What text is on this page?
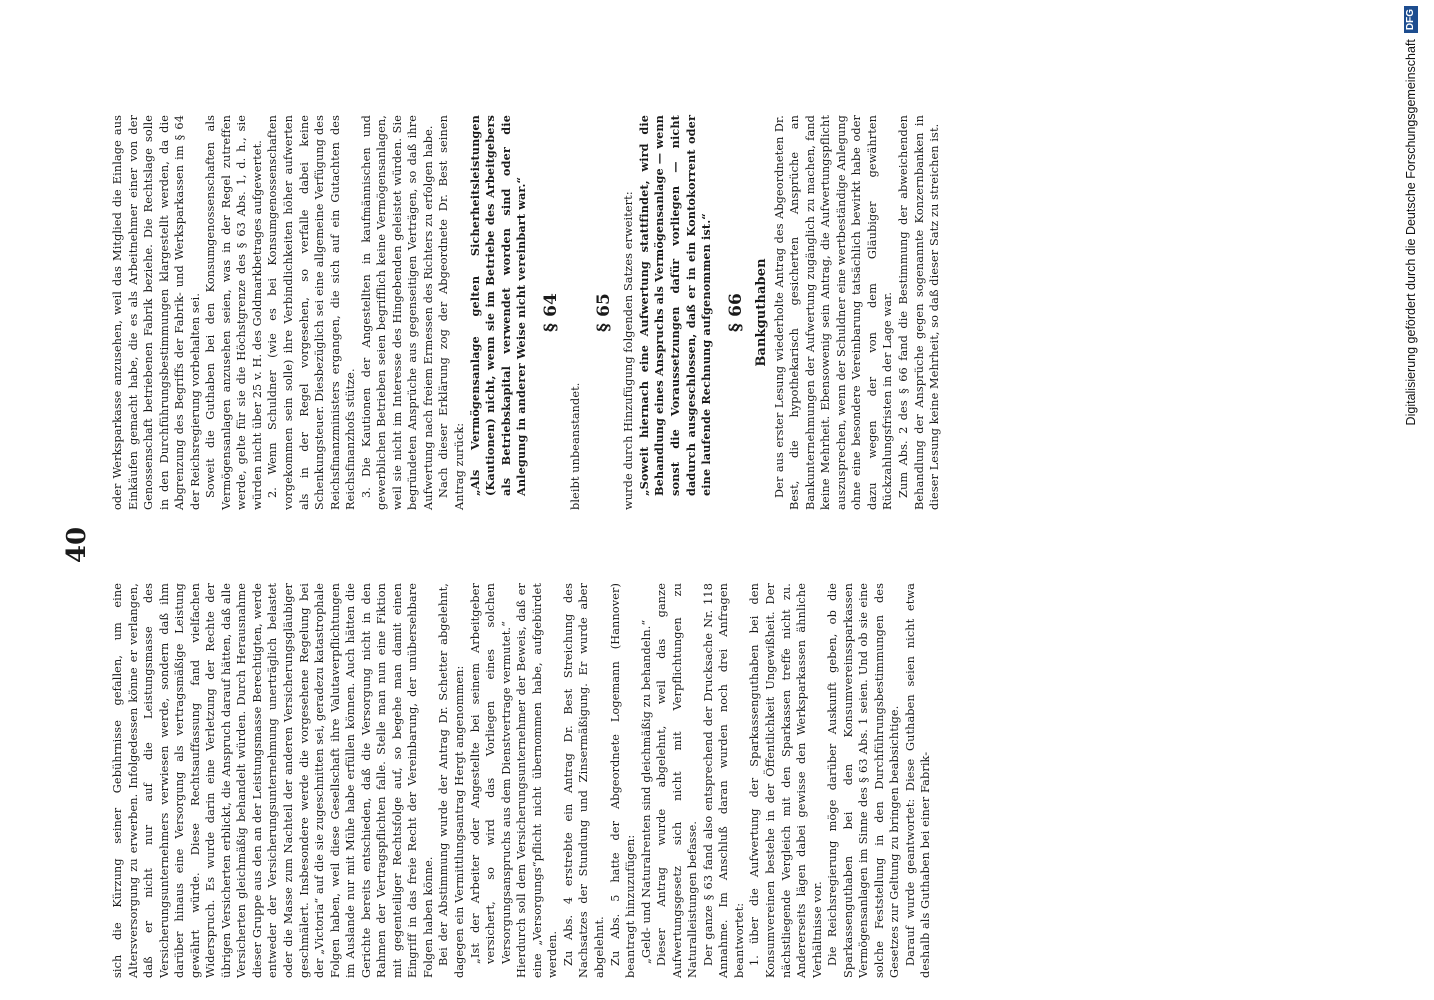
40

sich die Kürzung seiner Gebührnisse gefallen, um eine Altersversorgung zu erwerben. Infolgedessen könne er verlangen, daß er nicht nur auf die Leistungsmasse des Versicherungsunternehmers verwiesen werde, sondern daß ihm darüber hinaus eine Versorgung als vertragsmäßige Leistung gewährt würde. Diese Rechtsauffassung fand vielfachen Widerspruch. Es wurde darin eine Verletzung der Rechte der übrigen Versicherten erblickt, die Anspruch darauf hätten, daß alle Versicherten gleichmäßig behandelt würden. Durch Herausnahme dieser Gruppe aus den an der Leistungsmasse Berechtigten, werde entweder der Versicherungsunternehmung unerträglich belastet oder die Masse zum Nachteil der anderen Versicherungsgläubiger geschmälert. Insbesondere werde die vorgesehene Regelung bei der „Victoria“ auf die sie zugeschnitten sei, geradezu katastrophale Folgen haben, weil diese Gesellschaft ihre Valutaverpflichtungen im Auslande nur mit Mühe habe erfüllen können. Auch hätten die Gerichte bereits entschieden, daß die Versorgung nicht in den Rahmen der Vertragspflichten falle. Stelle man nun eine Fiktion mit gegenteiliger Rechtsfolge auf, so begehe man damit einen Eingriff in das freie Recht der Vereinbarung, der unübersehbare Folgen haben könne. Bei der Abstimmung wurde der Antrag Dr. Schetter abgelehnt, dagegen ein Vermittlungsantrag Hergt angenommen: „Ist der Arbeiter oder Angestellte bei seinem Arbeitgeber versichert, so wird das Vorliegen eines solchen Versorgungsanspruchs aus dem Dienstvertrage vermutet.“ Hierdurch soll dem Versicherungsunternehmer der Beweis, daß er eine „Versorgungs“pflicht nicht übernommen habe, aufgebürdet werden. Zu Abs. 4 erstrebte ein Antrag Dr. Best Streichung des Nachsatzes der Stundung und Zinsermäßigung. Er wurde aber abgelehnt. Zu Abs. 5 hatte der Abgeordnete Logemann (Hannover) beantragt hinzuzufügen: „Geld- und Naturalrenten sind gleichmäßig zu behandeln.“ Dieser Antrag wurde abgelehnt, weil das ganze Aufwertungsgesetz sich nicht mit Verpflichtungen zu Naturalleistungen befasse. Der ganze § 63 fand also entsprechend der Drucksache Nr. 118 Annahme. Im Anschluß daran wurden noch drei Anfragen beantwortet: 1. über die Aufwertung der Sparkassenguthaben bei den Konsumvereinen bestehe in der Öffentlichkeit Ungewißheit. Der nächstliegende Vergleich mit den Sparkassen treffe nicht zu. Andererseits lägen dabei gewisse den Werksparkassen ähnliche Verhältnisse vor. Die Reichsregierung möge darüber Auskunft geben, ob die Sparkassenguthaben bei den Konsumvereinssparkassen Vermögensanlagen im Sinne des § 63 Abs. 1 seien. Und ob sie eine solche Feststellung in den Durchführungsbestimmungen des Gesetzes zur Geltung zu bringen beabsichtige. Darauf wurde geantwortet: Diese Guthaben seien nicht etwa deshalb als Guthaben bei einer Fabrik-

oder Werksparkasse anzusehen, weil das Mitglied die Einlage aus Einkäufen gemacht habe, die es als Arbeitnehmer einer von der Genossenschaft betriebenen Fabrik beziehe. Die Rechtslage solle in den Durchführungsbestimmungen klargestellt werden, da die Abgrenzung des Begriffs der Fabrik- und Werksparkassen im § 64 der Reichsregierung vorbehalten sei. Soweit die Guthaben bei den Konsumgenossenschaften als Vermögensanlagen anzusehen seien, was in der Regel zutreffen werde, gelte für sie die Höchstgrenze des § 63 Abs. 1, d. h., sie würden nicht über 25 v. H. des Goldmarkbetrages aufgewertet. 2. Wenn Schuldner (wie es bei Konsumgenossenschaften vorgekommen sein solle) ihre Verbindlichkeiten höher aufwerten als in der Regel vorgesehen, so verfalle dabei keine Schenkungsteuer. Diesbezüglich sei eine allgemeine Verfügung des Reichsfinanzministers ergangen, die sich auf ein Gutachten des Reichsfinanzhofs stütze. 3. Die Kautionen der Angestellten in kaufmännischen und gewerblichen Betrieben seien begrifflich keine Vermögensanlagen, weil sie nicht im Interesse des Hingebenden geleistet würden. Sie begründeten Ansprüche aus gegenseitigen Verträgen, so daß ihre Aufwertung nach freiem Ermessen des Richters zu erfolgen habe. Nach dieser Erklärung zog der Abgeordnete Dr. Best seinen Antrag zurück: „Als Vermögensanlage gelten Sicherheitsleistungen (Kautionen) nicht, wenn sie im Betriebe des Arbeitgebers als Betriebskapital verwendet worden sind oder die Anlegung in anderer Weise nicht vereinbart war.“ § 64

bleibt unbeanstandet.

§ 65 wurde durch Hinzufügung folgenden Satzes erweitert: „Soweit hiernach eine Aufwertung stattfindet, wird die Behandlung eines Anspruchs als Vermögensanlage — wenn sonst die Voraussetzungen dafür vorliegen — nicht dadurch ausgeschlossen, daß er in ein Kontokorrent oder eine laufende Rechnung aufgenommen ist.“ § 66 Bankguthaben Der aus erster Lesung wiederholte Antrag des Abgeordneten Dr. Best, die hypothekarisch gesicherten Ansprüche an Bankunternehmungen der Aufwertung zugänglich zu machen, fand keine Mehrheit. Ebensowenig sein Antrag, die Aufwertungspflicht auszusprechen, wenn der Schuldner eine wertbeständige Anlegung ohne eine besondere Vereinbarung tatsächlich bewirkt habe oder dazu wegen der von dem Gläubiger gewährten Rückzahlungsfristen in der Lage war. Zum Abs. 2 des § 66 fand die Bestimmung der abweichenden Behandlung der Ansprüche gegen sogenannte Konzernbanken in dieser Lesung keine Mehrheit, so daß dieser Satz zu streichen ist.	Digitalisierung gefördert durch die Deutsche Forschungsgemeinschaft
DFG
